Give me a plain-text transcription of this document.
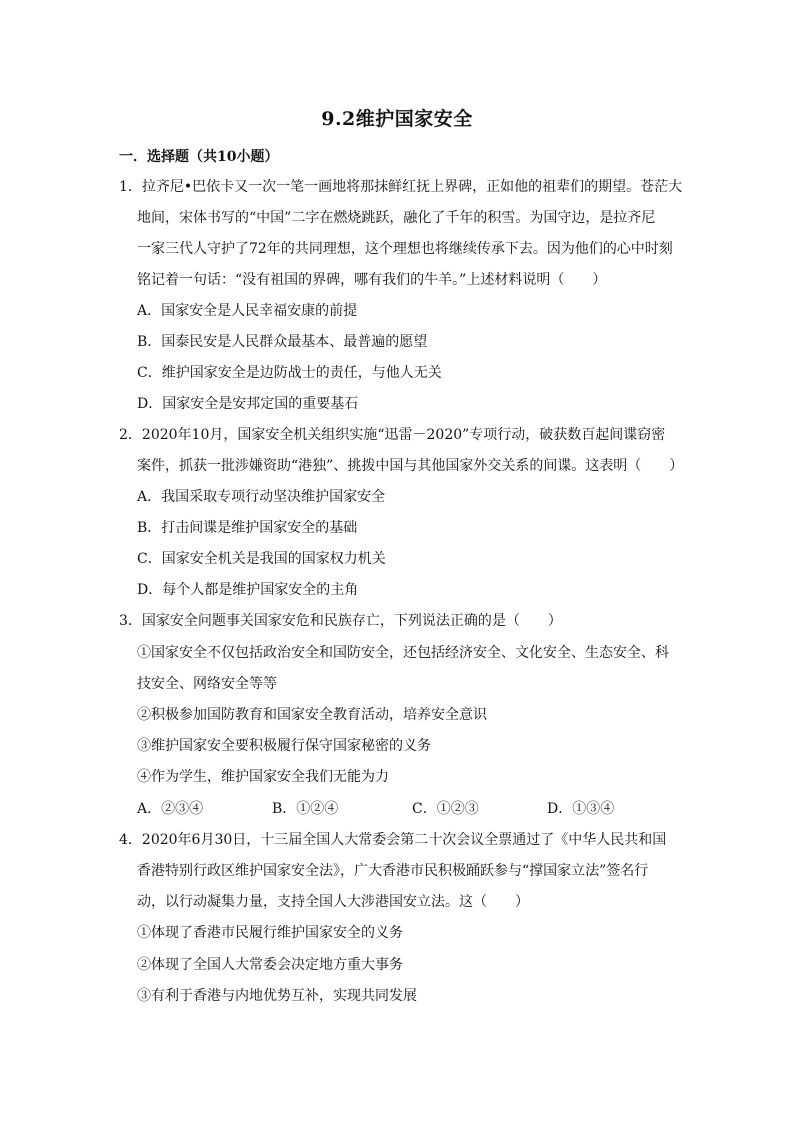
9.2维护国家安全
一．选择题（共10小题）
1．拉齐尼•巴依卡又一次一笔一画地将那抹鲜红抚上界碑，正如他的祖辈们的期望。苍茫大
地间，宋体书写的“中国”二字在燃烧跳跃，融化了千年的积雪。为国守边，是拉齐尼
一家三代人守护了72年的共同理想，这个理想也将继续传承下去。因为他们的心中时刻
铭记着一句话：“没有祖国的界碑，哪有我们的牛羊。”上述材料说明（　　）
A．国家安全是人民幸福安康的前提
B．国泰民安是人民群众最基本、最普遍的愿望
C．维护国家安全是边防战士的责任，与他人无关
D．国家安全是安邦定国的重要基石
2．2020年10月，国家安全机关组织实施“迅雷－2020”专项行动，破获数百起间谍窃密
案件，抓获一批涉嫌资助“港独”、挑拨中国与其他国家外交关系的间谍。这表明（　　）
A．我国采取专项行动坚决维护国家安全
B．打击间谍是维护国家安全的基础
C．国家安全机关是我国的国家权力机关
D．每个人都是维护国家安全的主角
3．国家安全问题事关国家安危和民族存亡，下列说法正确的是（　　）
①国家安全不仅包括政治安全和国防安全，还包括经济安全、文化安全、生态安全、科
技安全、网络安全等等
②积极参加国防教育和国家安全教育活动，培养安全意识
③维护国家安全要积极履行保守国家秘密的义务
④作为学生，维护国家安全我们无能为力
A．②③④	B．①②④	C．①②③	D．①③④
4．2020年6月30日，十三届全国人大常委会第二十次会议全票通过了《中华人民共和国
香港特别行政区维护国家安全法》，广大香港市民积极踊跃参与“撑国家立法”签名行
动，以行动凝集力量，支持全国人大涉港国安立法。这（　　）
①体现了香港市民履行维护国家安全的义务
②体现了全国人大常委会决定地方重大事务
③有利于香港与内地优势互补，实现共同发展
